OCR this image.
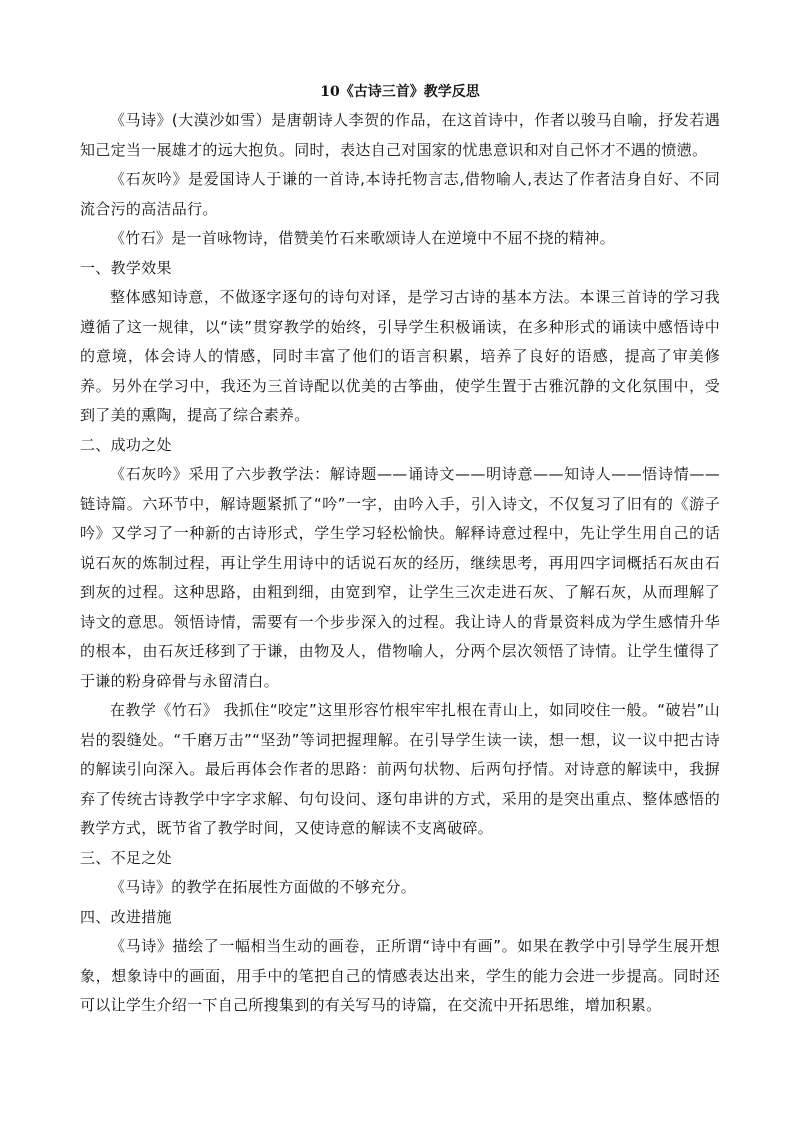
10《古诗三首》教学反思

《马诗》(大漠沙如雪）是唐朝诗人李贺的作品，在这首诗中，作者以骏马自喻，抒发若遇知己定当一展雄才的远大抱负。同时，表达自己对国家的忧患意识和对自己怀才不遇的愤懑。

《石灰吟》是爱国诗人于谦的一首诗,本诗托物言志,借物喻人,表达了作者洁身自好、不同流合污的高洁品行。

《竹石》是一首咏物诗，借赞美竹石来歌颂诗人在逆境中不屈不挠的精神。

一、教学效果

整体感知诗意，不做逐字逐句的诗句对译，是学习古诗的基本方法。本课三首诗的学习我遵循了这一规律，以“读”贯穿教学的始终，引导学生积极诵读，在多种形式的诵读中感悟诗中的意境，体会诗人的情感，同时丰富了他们的语言积累，培养了良好的语感，提高了审美修养。另外在学习中，我还为三首诗配以优美的古筝曲，使学生置于古雅沉静的文化氛围中，受到了美的熏陶，提高了综合素养。

二、成功之处

《石灰吟》采用了六步教学法：解诗题——诵诗文——明诗意——知诗人——悟诗情——链诗篇。六环节中，解诗题紧抓了“吟”一字，由吟入手，引入诗文，不仅复习了旧有的《游子吟》又学习了一种新的古诗形式，学生学习轻松愉快。解释诗意过程中，先让学生用自己的话说石灰的炼制过程，再让学生用诗中的话说石灰的经历，继续思考，再用四字词概括石灰由石到灰的过程。这种思路，由粗到细，由宽到窄，让学生三次走进石灰、了解石灰，从而理解了诗文的意思。领悟诗情，需要有一个步步深入的过程。我让诗人的背景资料成为学生感情升华的根本，由石灰迁移到了于谦，由物及人，借物喻人，分两个层次领悟了诗情。让学生懂得了于谦的粉身碎骨与永留清白。

在教学《竹石》 我抓住“咬定”这里形容竹根牢牢扎根在青山上，如同咬住一般。“破岩”山岩的裂缝处。“千磨万击”“坚劲”等词把握理解。在引导学生读一读，想一想，议一议中把古诗的解读引向深入。最后再体会作者的思路：前两句状物、后两句抒情。对诗意的解读中，我摒弃了传统古诗教学中字字求解、句句设问、逐句串讲的方式，采用的是突出重点、整体感悟的教学方式，既节省了教学时间，又使诗意的解读不支离破碎。

三、不足之处

《马诗》的教学在拓展性方面做的不够充分。

四、改进措施

《马诗》描绘了一幅相当生动的画卷，正所谓“诗中有画”。如果在教学中引导学生展开想象，想象诗中的画面，用手中的笔把自己的情感表达出来，学生的能力会进一步提高。同时还可以让学生介绍一下自己所搜集到的有关写马的诗篇，在交流中开拓思维，增加积累。
